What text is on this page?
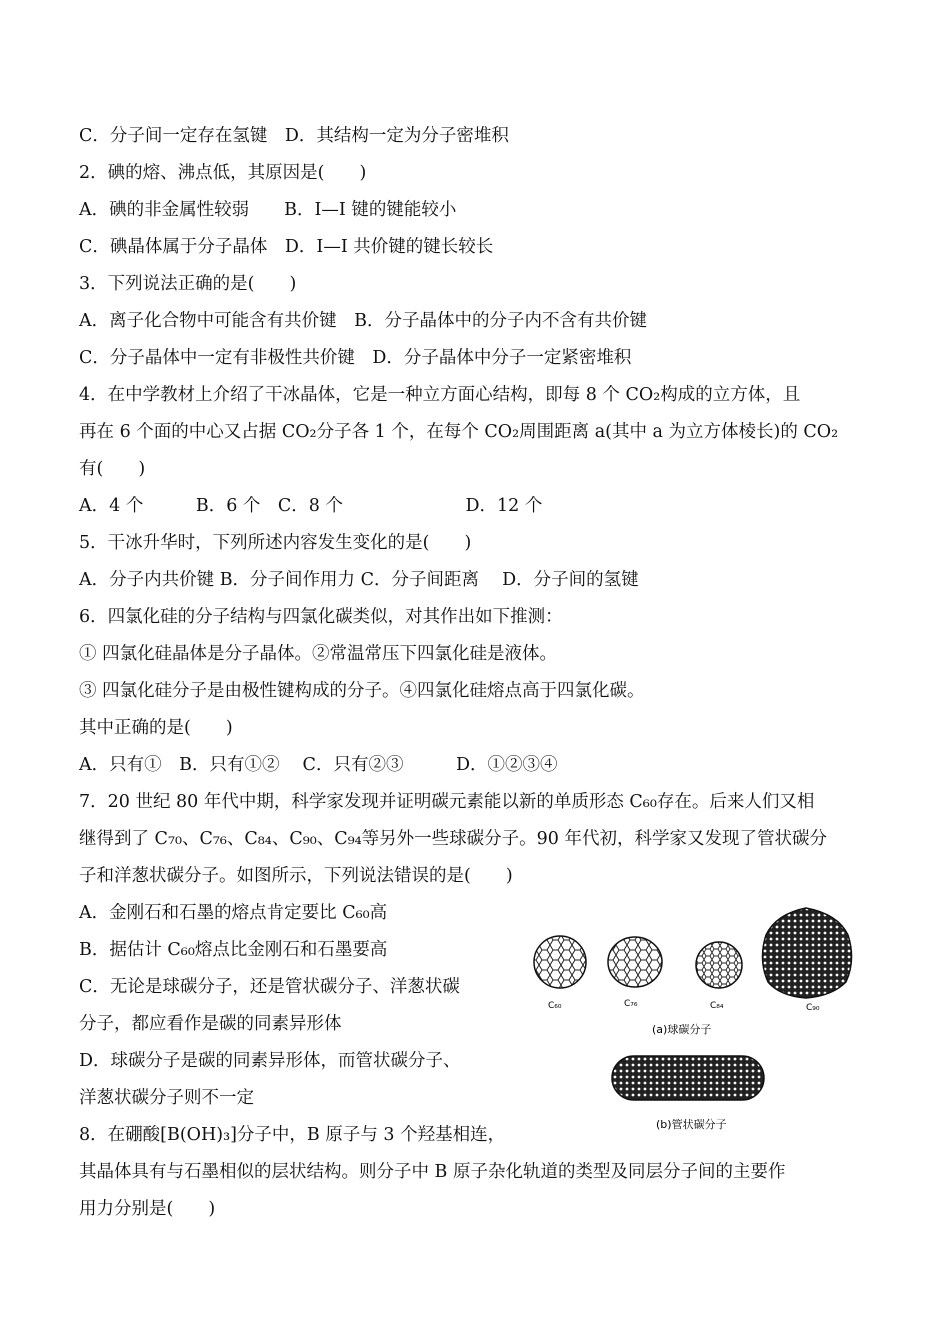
C．分子间一定存在氢键　D．其结构一定为分子密堆积
2．碘的熔、沸点低，其原因是(　　)
A．碘的非金属性较弱　　B．I—I 键的键能较小
C．碘晶体属于分子晶体　D．I—I 共价键的键长较长
3．下列说法正确的是(　　)
A．离子化合物中可能含有共价键　B．分子晶体中的分子内不含有共价键
C．分子晶体中一定有非极性共价键　D．分子晶体中分子一定紧密堆积
4．在中学教材上介绍了干冰晶体，它是一种立方面心结构，即每 8 个 CO₂构成的立方体，且
再在 6 个面的中心又占据 CO₂分子各 1 个，在每个 CO₂周围距离 a(其中 a 为立方体棱长)的 CO₂
有(　　)
A．4 个　　　B．6 个　C．8 个　　　　　　　D．12 个
5．干冰升华时，下列所述内容发生变化的是(　　)
A．分子内共价键 B．分子间作用力 C．分子间距离　 D．分子间的氢键
6．四氯化硅的分子结构与四氯化碳类似，对其作出如下推测：
① 四氯化硅晶体是分子晶体。②常温常压下四氯化硅是液体。
③ 四氯化硅分子是由极性键构成的分子。④四氯化硅熔点高于四氯化碳。
其中正确的是(　　)
A．只有①　B．只有①②　 C．只有②③　　　D．①②③④
7．20 世纪 80 年代中期，科学家发现并证明碳元素能以新的单质形态 C₆₀存在。后来人们又相
继得到了 C₇₀、C₇₆、C₈₄、C₉₀、C₉₄等另外一些球碳分子。90 年代初，科学家又发现了管状碳分
子和洋葱状碳分子。如图所示，下列说法错误的是(　　)
A．金刚石和石墨的熔点肯定要比 C₆₀高
B．据估计 C₆₀熔点比金刚石和石墨要高
C．无论是球碳分子，还是管状碳分子、洋葱状碳
分子，都应看作是碳的同素异形体
D．球碳分子是碳的同素异形体，而管状碳分子、
洋葱状碳分子则不一定
8．在硼酸[B(OH)₃]分子中，B 原子与 3 个羟基相连，
其晶体具有与石墨相似的层状结构。则分子中 B 原子杂化轨道的类型及同层分子间的主要作
用力分别是(　　)
C₆₀	C₇₆	C₈₄	C₉₀
(a)球碳分子
(b)管状碳分子
